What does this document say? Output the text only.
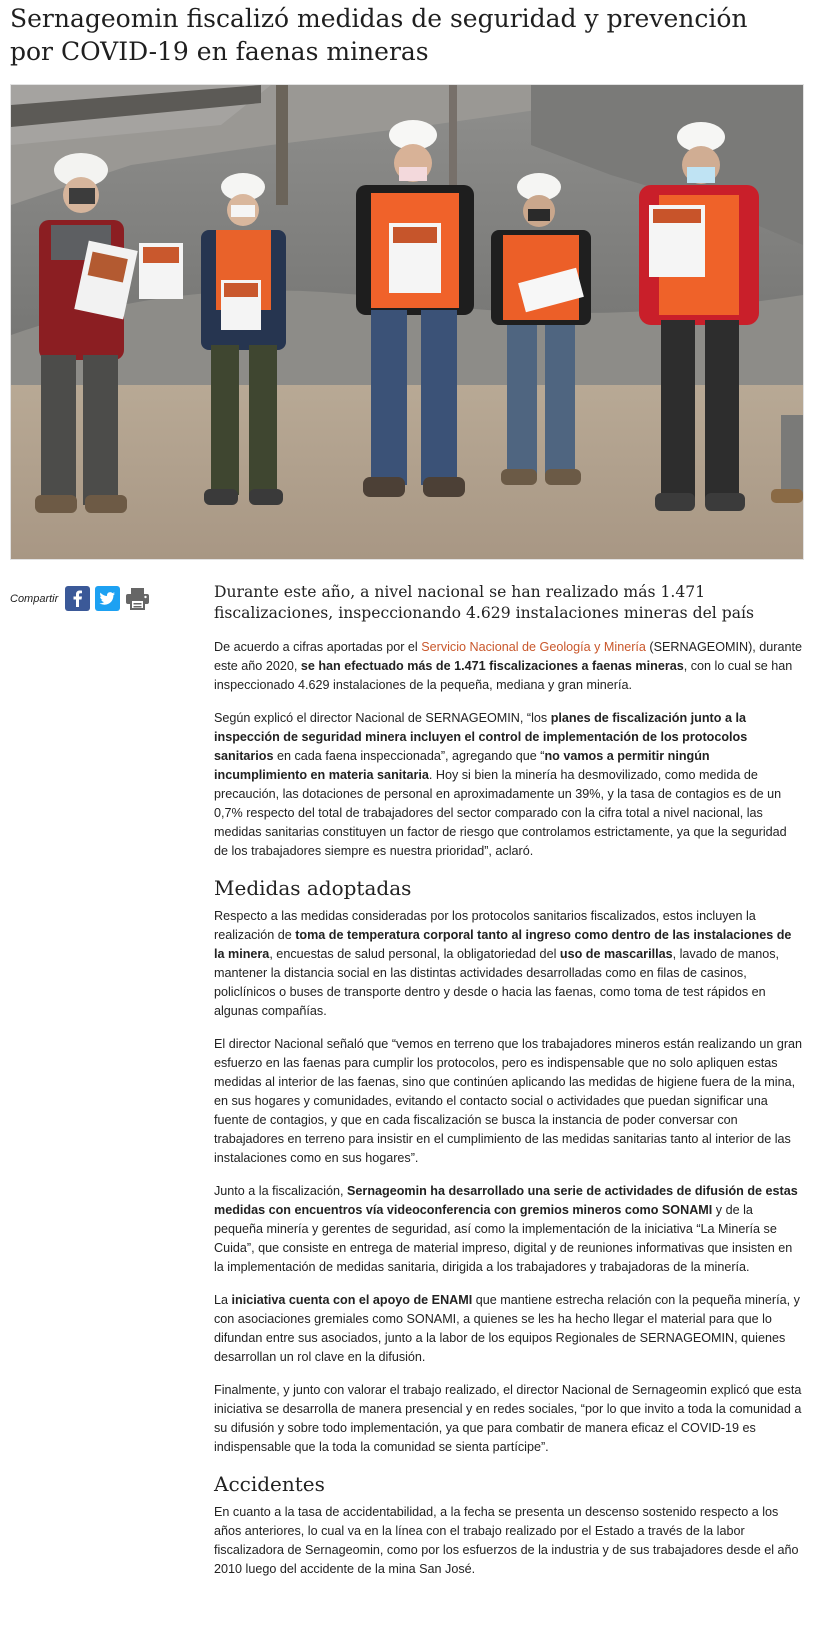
Sernageomin fiscalizó medidas de seguridad y prevención por COVID-19 en faenas mineras
Compartir	Durante este año, a nivel nacional se han realizado más 1.471 fiscalizaciones, inspeccionando 4.629 instalaciones mineras del país

De acuerdo a cifras aportadas por el Servicio Nacional de Geología y Minería (SERNAGEOMIN), durante este año 2020, se han efectuado más de 1.471 fiscalizaciones a faenas mineras, con lo cual se han inspeccionado 4.629 instalaciones de la pequeña, mediana y gran minería.

Según explicó el director Nacional de SERNAGEOMIN, “los planes de fiscalización junto a la inspección de seguridad minera incluyen el control de implementación de los protocolos sanitarios en cada faena inspeccionada”, agregando que “no vamos a permitir ningún incumplimiento en materia sanitaria. Hoy si bien la minería ha desmovilizado, como medida de precaución, las dotaciones de personal en aproximadamente un 39%, y la tasa de contagios es de un 0,7% respecto del total de trabajadores del sector comparado con la cifra total a nivel nacional, las medidas sanitarias constituyen un factor de riesgo que controlamos estrictamente, ya que la seguridad de los trabajadores siempre es nuestra prioridad”, aclaró.

Medidas adoptadas

Respecto a las medidas consideradas por los protocolos sanitarios fiscalizados, estos incluyen la realización de toma de temperatura corporal tanto al ingreso como dentro de las instalaciones de la minera, encuestas de salud personal, la obligatoriedad del uso de mascarillas, lavado de manos, mantener la distancia social en las distintas actividades desarrolladas como en filas de casinos, policlínicos o buses de transporte dentro y desde o hacia las faenas, como toma de test rápidos en algunas compañías.

El director Nacional señaló que “vemos en terreno que los trabajadores mineros están realizando un gran esfuerzo en las faenas para cumplir los protocolos, pero es indispensable que no solo apliquen estas medidas al interior de las faenas, sino que continúen aplicando las medidas de higiene fuera de la mina, en sus hogares y comunidades, evitando el contacto social o actividades que puedan significar una fuente de contagios, y que en cada fiscalización se busca la instancia de poder conversar con trabajadores en terreno para insistir en el cumplimiento de las medidas sanitarias tanto al interior de las instalaciones como en sus hogares”.

Junto a la fiscalización, Sernageomin ha desarrollado una serie de actividades de difusión de estas medidas con encuentros vía videoconferencia con gremios mineros como SONAMI y de la pequeña minería y gerentes de seguridad, así como la implementación de la iniciativa “La Minería se Cuida”, que consiste en entrega de material impreso, digital y de reuniones informativas que insisten en la implementación de medidas sanitaria, dirigida a los trabajadores y trabajadoras de la minería.

La iniciativa cuenta con el apoyo de ENAMI que mantiene estrecha relación con la pequeña minería, y con asociaciones gremiales como SONAMI, a quienes se les ha hecho llegar el material para que lo difundan entre sus asociados, junto a la labor de los equipos Regionales de SERNAGEOMIN, quienes desarrollan un rol clave en la difusión.

Finalmente, y junto con valorar el trabajo realizado, el director Nacional de Sernageomin explicó que esta iniciativa se desarrolla de manera presencial y en redes sociales, “por lo que invito a toda la comunidad a su difusión y sobre todo implementación, ya que para combatir de manera eficaz el COVID-19 es indispensable que la toda la comunidad se sienta partícipe”.

Accidentes

En cuanto a la tasa de accidentabilidad, a la fecha se presenta un descenso sostenido respecto a los años anteriores, lo cual va en la línea con el trabajo realizado por el Estado a través de la labor fiscalizadora de Sernageomin, como por los esfuerzos de la industria y de sus trabajadores desde el año 2010 luego del accidente de la mina San José.
